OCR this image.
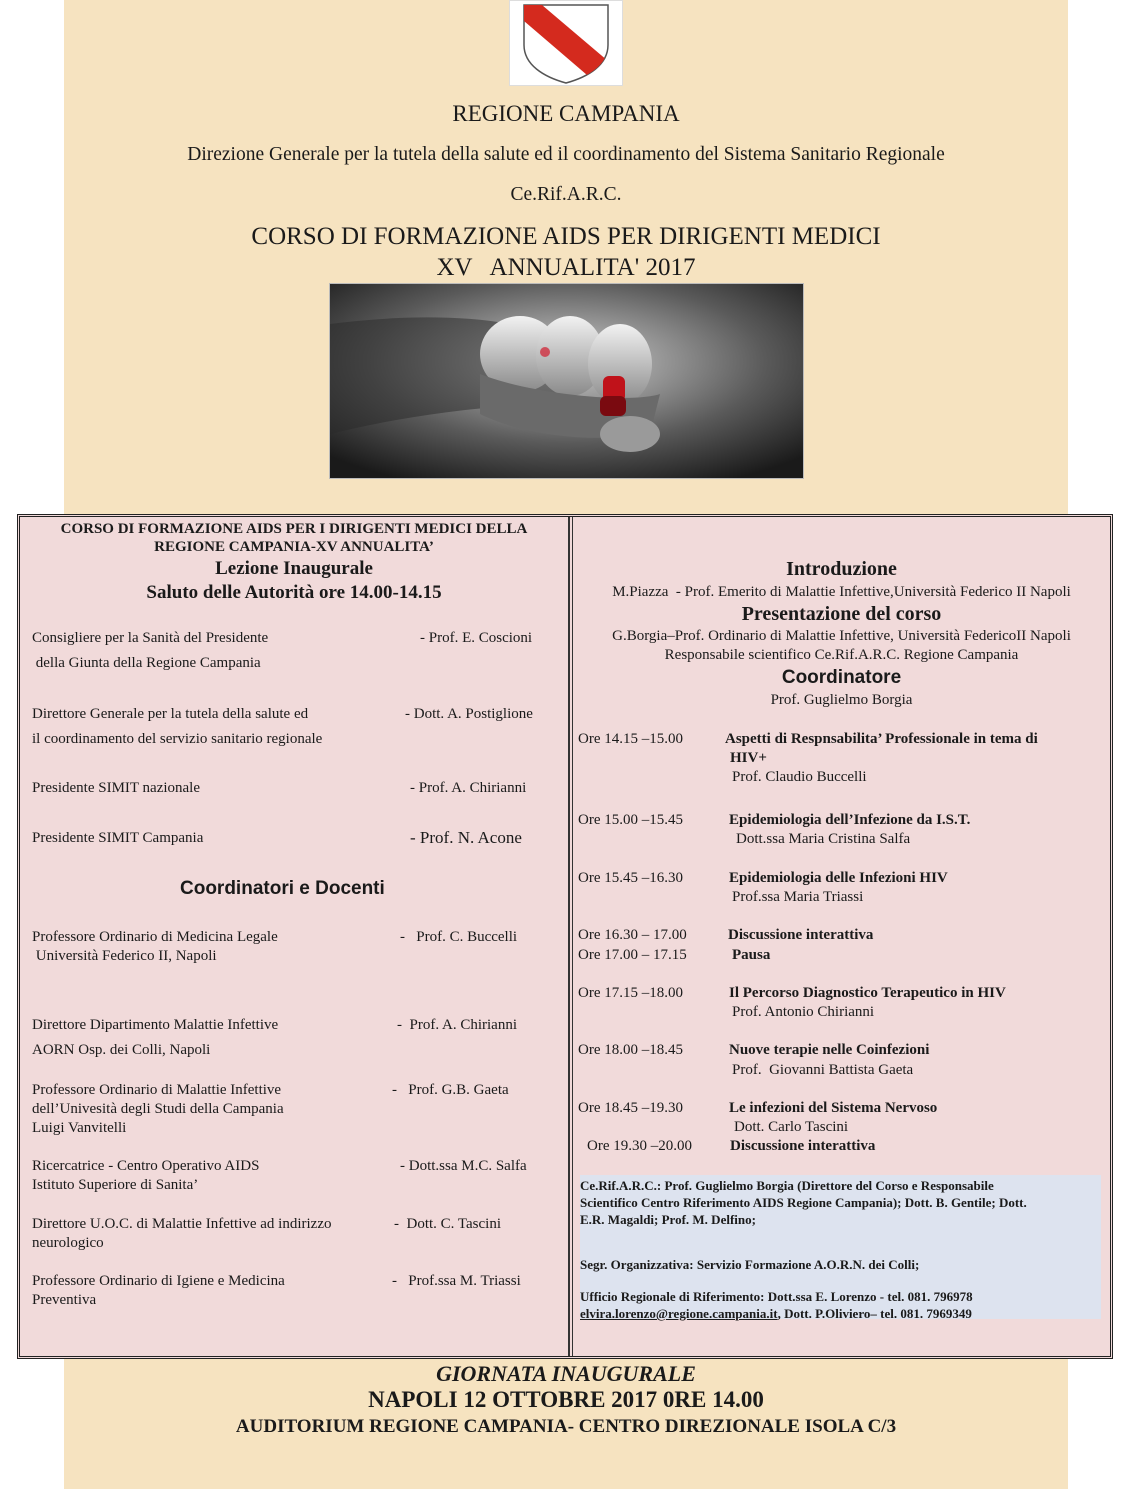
REGIONE CAMPANIA
Direzione Generale per la tutela della salute ed il coordinamento del Sistema Sanitario Regionale
Ce.Rif.A.R.C.
CORSO DI FORMAZIONE AIDS PER DIRIGENTI MEDICI
XV   ANNUALITA' 2017
CORSO DI FORMAZIONE AIDS PER I DIRIGENTI MEDICI DELLA
REGIONE CAMPANIA-XV ANNUALITA’
Lezione Inaugurale
Saluto delle Autorità ore 14.00-14.15
Consigliere per la Sanità del Presidente
della Giunta della Regione Campania
- Prof. E. Coscioni
Direttore Generale per la tutela della salute ed
il coordinamento del servizio sanitario regionale
- Dott. A. Postiglione
Presidente SIMIT nazionale	- Prof. A. Chirianni
Presidente SIMIT Campania	- Prof. N. Acone
Coordinatori e Docenti
Professore Ordinario di Medicina Legale
Università Federico II, Napoli
-   Prof. C. Buccelli
Direttore Dipartimento Malattie Infettive
AORN Osp. dei Colli, Napoli
-  Prof. A. Chirianni
Professore Ordinario di Malattie Infettive
dell’Univesità degli Studi della Campania
Luigi Vanvitelli
-   Prof. G.B. Gaeta
Ricercatrice - Centro Operativo AIDS
Istituto Superiore di Sanita’
- Dott.ssa M.C. Salfa
Direttore U.O.C. di Malattie Infettive ad indirizzo
neurologico
-  Dott. C. Tascini
Professore Ordinario di Igiene e Medicina
Preventiva
-   Prof.ssa M. Triassi
Introduzione
M.Piazza  - Prof. Emerito di Malattie Infettive,Università Federico II Napoli
Presentazione del corso
G.Borgia–Prof. Ordinario di Malattie Infettive, Università FedericoII Napoli
Responsabile scientifico Ce.Rif.A.R.C. Regione Campania
Coordinatore
Prof. Guglielmo Borgia
Ore 14.15 –15.00	Aspetti di Respnsabilita’ Professionale in tema di
HIV+
Prof. Claudio Buccelli
Ore 15.00 –15.45	Epidemiologia dell’Infezione da I.S.T.
Dott.ssa Maria Cristina Salfa
Ore 15.45 –16.30	Epidemiologia delle Infezioni HIV
Prof.ssa Maria Triassi
Ore 16.30 – 17.00	Discussione interattiva
Ore 17.00 – 17.15	Pausa
Ore 17.15 –18.00	Il Percorso Diagnostico Terapeutico in HIV
Prof. Antonio Chirianni
Ore 18.00 –18.45	Nuove terapie nelle Coinfezioni
Prof.  Giovanni Battista Gaeta
Ore 18.45 –19.30	Le infezioni del Sistema Nervoso
Dott. Carlo Tascini
Ore 19.30 –20.00	Discussione interattiva
Ce.Rif.A.R.C.: Prof. Guglielmo Borgia (Direttore del Corso e Responsabile
Scientifico Centro Riferimento AIDS Regione Campania); Dott. B. Gentile; Dott.
E.R. Magaldi; Prof. M. Delfino;
Segr. Organizzativa: Servizio Formazione A.O.R.N. dei Colli;
Ufficio Regionale di Riferimento: Dott.ssa E. Lorenzo - tel. 081. 796978
elvira.lorenzo@regione.campania.it, Dott. P.Oliviero– tel. 081. 7969349
GIORNATA INAUGURALE
NAPOLI 12 OTTOBRE 2017 0RE 14.00
AUDITORIUM REGIONE CAMPANIA- CENTRO DIREZIONALE ISOLA C/3
